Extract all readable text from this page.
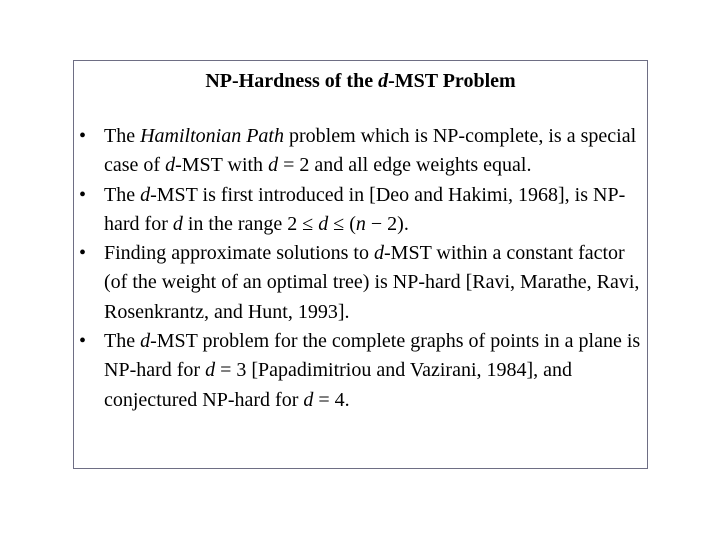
NP-Hardness of the d-MST Problem
• The Hamiltonian Path problem which is NP-complete, is a special case of d-MST with d = 2 and all edge weights equal.
• The d-MST is first introduced in [Deo and Hakimi, 1968], is NP-hard for d in the range 2 ≤ d ≤ (n − 2).
• Finding approximate solutions to d-MST within a constant factor (of the weight of an optimal tree) is NP-hard [Ravi, Marathe, Ravi, Rosenkrantz, and Hunt, 1993].
• The d-MST problem for the complete graphs of points in a plane is NP-hard for d = 3 [Papadimitriou and Vazirani, 1984], and conjectured NP-hard for d = 4.
